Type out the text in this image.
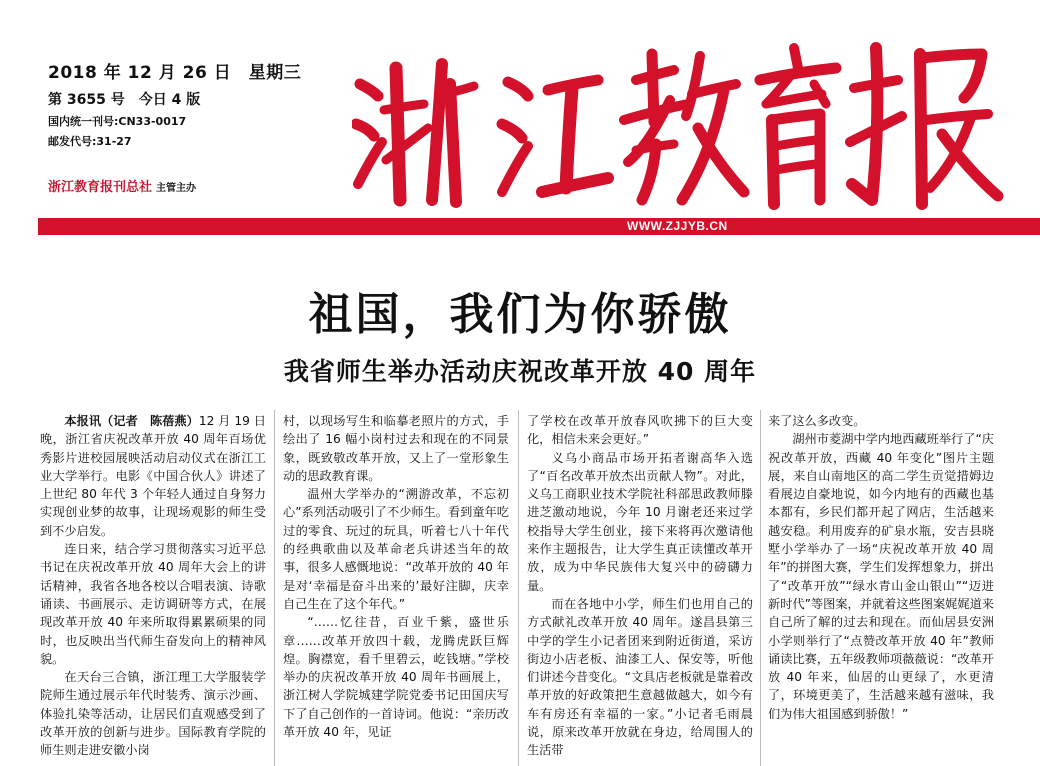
2018 年 12 月 26 日　星期三
第 3655 号　今日 4 版
国内统一刊号:CN33-0017
邮发代号:31-27
浙江教育报刊总社 主管主办
WWW.ZJJYB.CN
祖国，我们为你骄傲
我省师生举办活动庆祝改革开放 40 周年

本报讯（记者　陈蓓燕）12 月 19 日晚，浙江省庆祝改革开放 40 周年百场优秀影片进校园展映活动启动仪式在浙江工业大学举行。电影《中国合伙人》讲述了上世纪 80 年代 3 个年轻人通过自身努力实现创业梦的故事，让现场观影的师生受到不少启发。

连日来，结合学习贯彻落实习近平总书记在庆祝改革开放 40 周年大会上的讲话精神，我省各地各校以合唱表演、诗歌诵读、书画展示、走访调研等方式，在展现改革开放 40 年来所取得累累硕果的同时，也反映出当代师生奋发向上的精神风貌。

在天台三合镇，浙江理工大学服装学院师生通过展示年代时装秀、演示沙画、体验扎染等活动，让居民们直观感受到了改革开放的创新与进步。国际教育学院的师生则走进安徽小岗

村，以现场写生和临摹老照片的方式，手绘出了 16 幅小岗村过去和现在的不同景象，既致敬改革开放，又上了一堂形象生动的思政教育课。

温州大学举办的“溯游改革，不忘初心”系列活动吸引了不少师生。看到童年吃过的零食、玩过的玩具，听着七八十年代的经典歌曲以及革命老兵讲述当年的故事，很多人感慨地说：“改革开放的 40 年是对‘幸福是奋斗出来的’最好注脚，庆幸自己生在了这个年代。”

“……忆往昔，百业千紫，盛世乐章……改革开放四十载，龙腾虎跃巨辉煌。胸襟宽，看千里碧云，屹钱塘。”学校举办的庆祝改革开放 40 周年书画展上，浙江树人学院城建学院党委书记田国庆写下了自己创作的一首诗词。他说：“亲历改革开放 40 年，见证

了学校在改革开放春风吹拂下的巨大变化，相信未来会更好。”

义乌小商品市场开拓者谢高华入选了“百名改革开放杰出贡献人物”。对此，义乌工商职业技术学院社科部思政教师滕进芝激动地说，今年 10 月谢老还来过学校指导大学生创业，接下来将再次邀请他来作主题报告，让大学生真正读懂改革开放，成为中华民族伟大复兴中的磅礴力量。

而在各地中小学，师生们也用自己的方式献礼改革开放 40 周年。遂昌县第三中学的学生小记者团来到附近街道，采访街边小店老板、油漆工人、保安等，听他们讲述今昔变化。“文具店老板就是靠着改革开放的好政策把生意越做越大，如今有车有房还有幸福的一家。”小记者毛雨晨说，原来改革开放就在身边，给周围人的生活带

来了这么多改变。

湖州市菱湖中学内地西藏班举行了“庆祝改革开放，西藏 40 年变化”图片主题展，来自山南地区的高二学生贡觉措姆边看展边自豪地说，如今内地有的西藏也基本都有，乡民们都开起了网店，生活越来越安稳。利用废弃的矿泉水瓶，安吉县晓墅小学举办了一场“庆祝改革开放 40 周年”的拼图大赛，学生们发挥想象力，拼出了“改革开放”“绿水青山金山银山”“迈进新时代”等图案，并就着这些图案娓娓道来自己所了解的过去和现在。而仙居县安洲小学则举行了“点赞改革开放 40 年”教师诵读比赛，五年级教师项薇薇说：“改革开放 40 年来，仙居的山更绿了，水更清了，环境更美了，生活越来越有滋味，我们为伟大祖国感到骄傲！”
